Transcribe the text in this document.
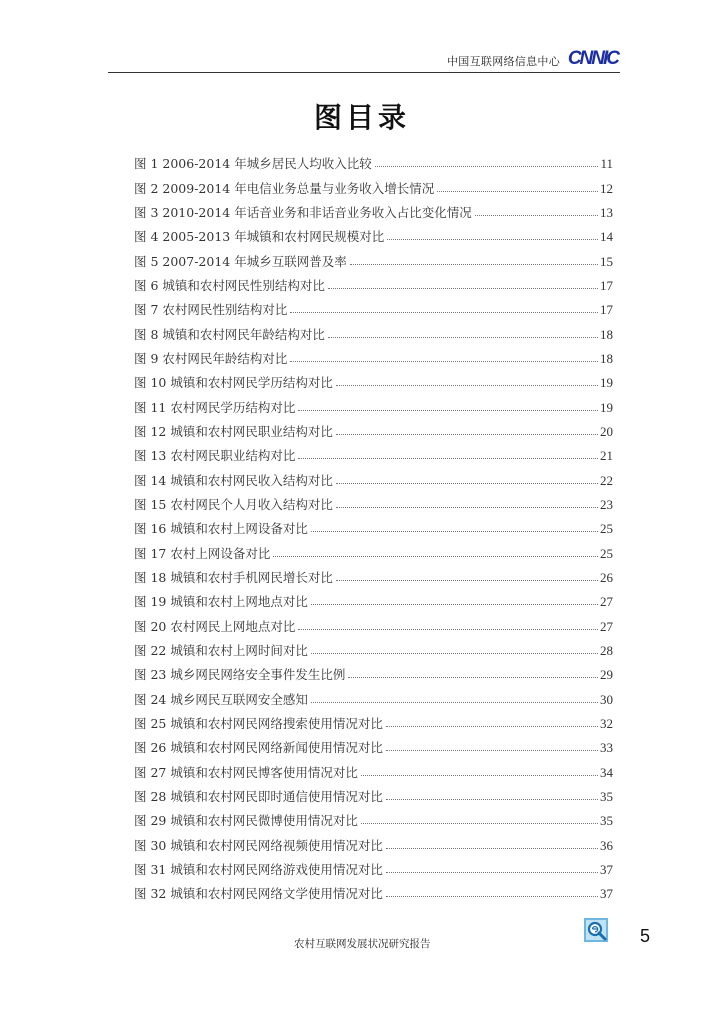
中国互联网络信息中心 CNNIC
图目录
图 1 2006-2014 年城乡居民人均收入比较	11
图 2 2009-2014 年电信业务总量与业务收入增长情况	12
图 3 2010-2014 年话音业务和非话音业务收入占比变化情况	13
图 4 2005-2013 年城镇和农村网民规模对比	14
图 5 2007-2014 年城乡互联网普及率	15
图 6 城镇和农村网民性别结构对比	17
图 7 农村网民性别结构对比	17
图 8 城镇和农村网民年龄结构对比	18
图 9 农村网民年龄结构对比	18
图 10 城镇和农村网民学历结构对比	19
图 11 农村网民学历结构对比	19
图 12 城镇和农村网民职业结构对比	20
图 13 农村网民职业结构对比	21
图 14 城镇和农村网民收入结构对比	22
图 15 农村网民个人月收入结构对比	23
图 16 城镇和农村上网设备对比	25
图 17 农村上网设备对比	25
图 18 城镇和农村手机网民增长对比	26
图 19 城镇和农村上网地点对比	27
图 20 农村网民上网地点对比	27
图 22 城镇和农村上网时间对比	28
图 23 城乡网民网络安全事件发生比例	29
图 24 城乡网民互联网安全感知	30
图 25 城镇和农村网民网络搜索使用情况对比	32
图 26 城镇和农村网民网络新闻使用情况对比	33
图 27 城镇和农村网民博客使用情况对比	34
图 28 城镇和农村网民即时通信使用情况对比	35
图 29 城镇和农村网民微博使用情况对比	35
图 30 城镇和农村网民网络视频使用情况对比	36
图 31 城镇和农村网民网络游戏使用情况对比	37
图 32 城镇和农村网民网络文学使用情况对比	37
农村互联网发展状况研究报告	5
